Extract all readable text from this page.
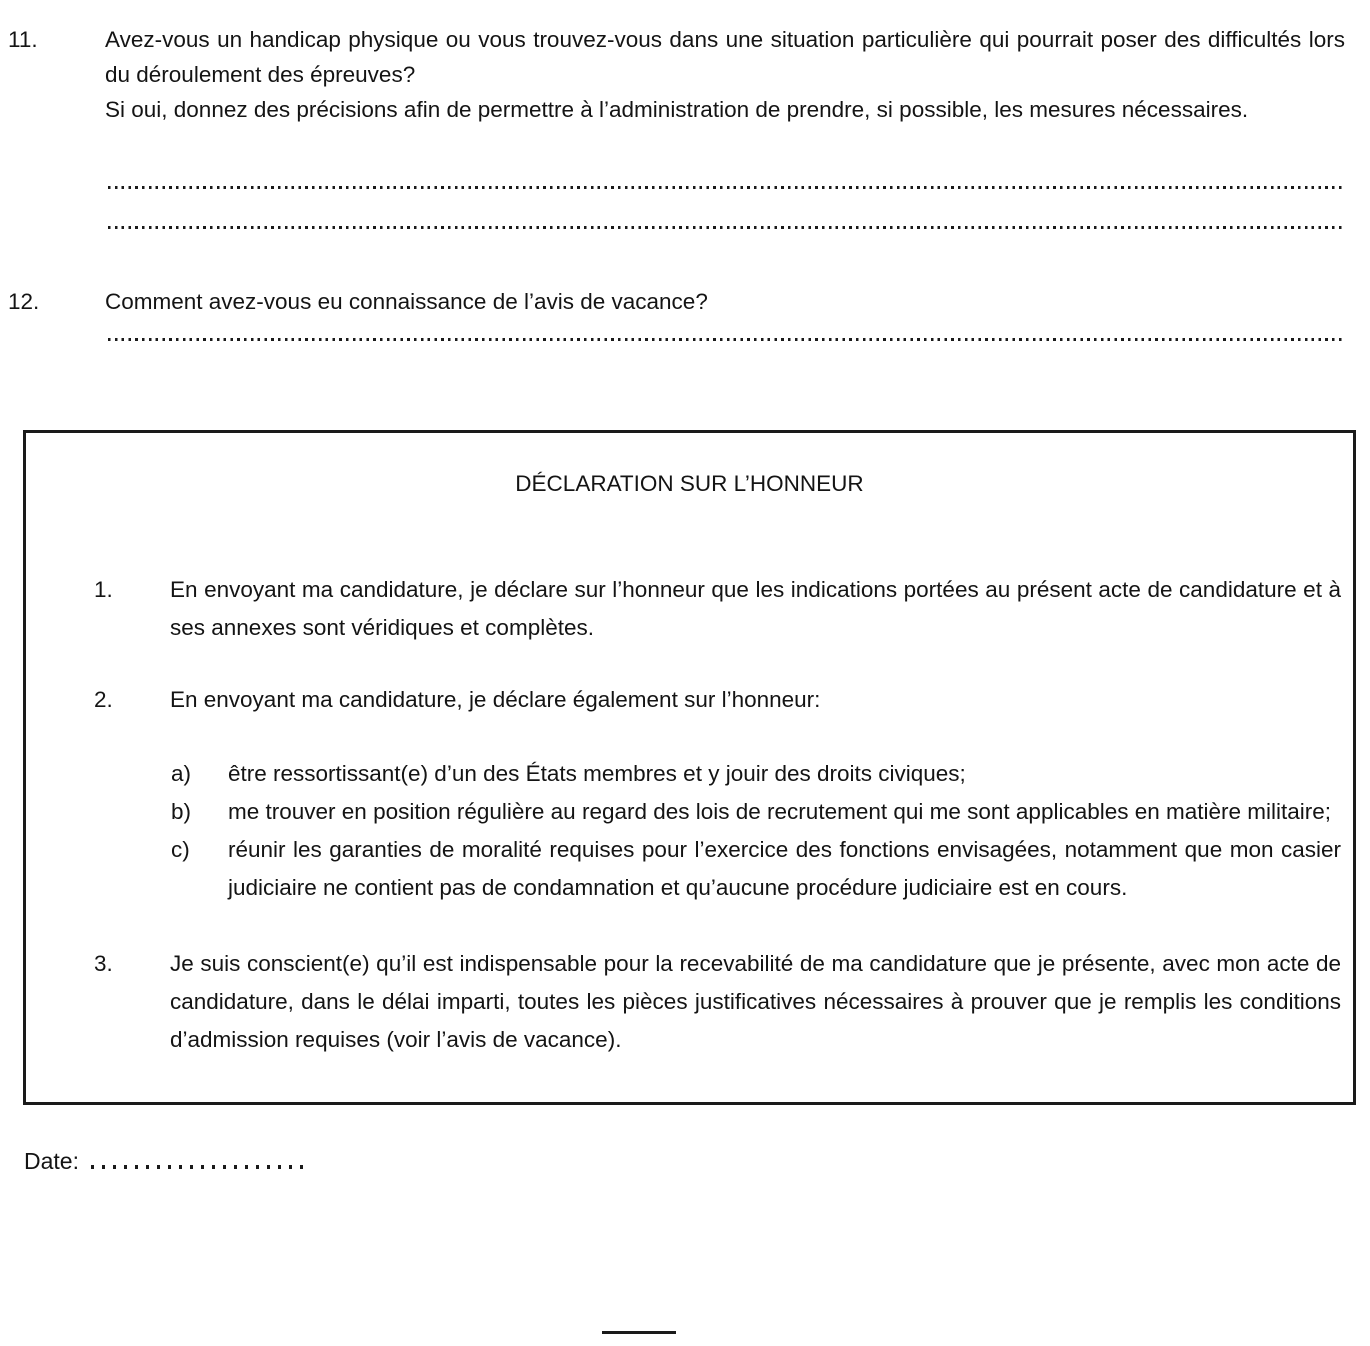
11.	Avez-vous un handicap physique ou vous trouvez-vous dans une situation particulière qui pourrait poser des difficultés lors du déroulement des épreuves?

Si oui, donnez des précisions afin de permettre à l’administration de prendre, si possible, les mesures nécessaires.

12.	Comment avez-vous eu connaissance de l’avis de vacance?

DÉCLARATION SUR L’HONNEUR
1.	En envoyant ma candidature, je déclare sur l’honneur que les indications portées au présent acte de candidature et à ses annexes sont véridiques et complètes.
2.	En envoyant ma candidature, je déclare également sur l’honneur:
a)	être ressortissant(e) d’un des États membres et y jouir des droits civiques;
b)	me trouver en position régulière au regard des lois de recrutement qui me sont applicables en matière militaire;
c)	réunir les garanties de moralité requises pour l’exercice des fonctions envisagées, notamment que mon casier judiciaire ne contient pas de condamnation et qu’aucune procédure judiciaire est en cours.
3.	Je suis conscient(e) qu’il est indispensable pour la recevabilité de ma candidature que je présente, avec mon acte de candidature, dans le délai imparti, toutes les pièces justificatives nécessaires à prouver que je remplis les conditions d’admission requises (voir l’avis de vacance).
Date:
